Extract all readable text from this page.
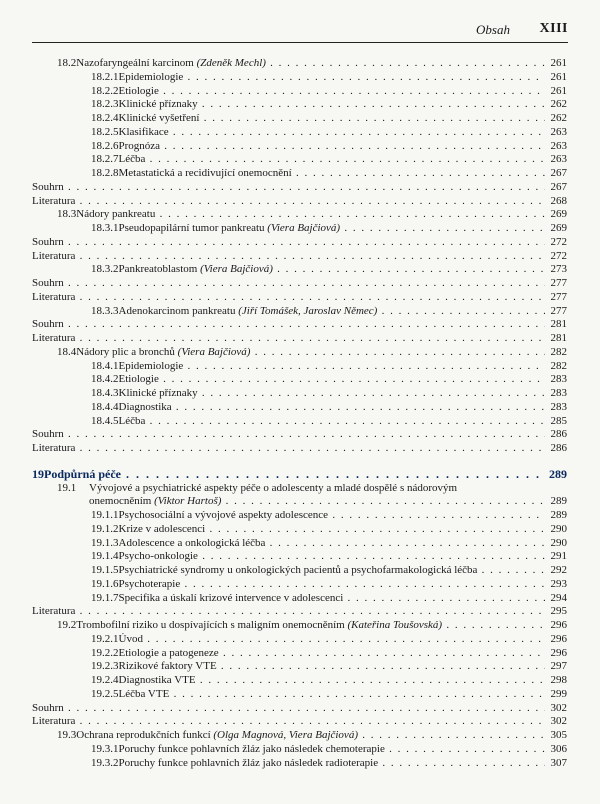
Obsah XIII
18.2 Nazofaryngeální karcinom (Zdeněk Mechl) . . .	261
18.2.1 Epidemiologie . . .	261
18.2.2 Etiologie . . .	261
18.2.3 Klinické příznaky . . .	262
18.2.4 Klinické vyšetření . . .	262
18.2.5 Klasifikace . . .	263
18.2.6 Prognóza . . .	263
18.2.7 Léčba . . .	263
18.2.8 Metastatická a recidivující onemocnění . . .	267
Souhrn . . .	267
Literatura . . .	268
18.3 Nádory pankreatu . . .	269
18.3.1 Pseudopapilární tumor pankreatu (Viera Bajčiová) . . .	269
Souhrn . . .	272
Literatura . . .	272
18.3.2 Pankreatoblastom (Viera Bajčiová) . . .	273
Souhrn . . .	277
Literatura . . .	277
18.3.3 Adenokarcinom pankreatu (Jiří Tomášek, Jaroslav Němec) . . .	277
Souhrn . . .	281
Literatura . . .	281
18.4 Nádory plic a bronchů (Viera Bajčiová) . . .	282
18.4.1 Epidemiologie . . .	282
18.4.2 Etiologie . . .	283
18.4.3 Klinické příznaky . . .	283
18.4.4 Diagnostika . . .	283
18.4.5 Léčba . . .	285
Souhrn . . .	286
Literatura . . .	286
19 Podpůrná péče . . .	289
19.1	Vývojové a psychiatrické aspekty péče o adolescenty a mladé dospělé s nádorovým
onemocněním (Viktor Hartoš) . . .	289
19.1.1 Psychosociální a vývojové aspekty adolescence . . .	289
19.1.2 Krize v adolescenci . . .	290
19.1.3 Adolescence a onkologická léčba . . .	290
19.1.4 Psycho-onkologie . . .	291
19.1.5 Psychiatrické syndromy u onkologických pacientů a psychofarmakologická léčba . . .	292
19.1.6 Psychoterapie . . .	293
19.1.7 Specifika a úskalí krizové intervence v adolescenci . . .	294
Literatura . . .	295
19.2 Trombofilní riziko u dospívajících s maligním onemocněním (Kateřina Toušovská) . . .	296
19.2.1 Úvod . . .	296
19.2.2 Etiologie a patogeneze . . .	296
19.2.3 Rizikové faktory VTE . . .	297
19.2.4 Diagnostika VTE . . .	298
19.2.5 Léčba VTE . . .	299
Souhrn . . .	302
Literatura . . .	302
19.3 Ochrana reprodukčních funkcí (Olga Magnová, Viera Bajčiová) . . .	305
19.3.1 Poruchy funkce pohlavních žláz jako následek chemoterapie . . .	306
19.3.2 Poruchy funkce pohlavních žláz jako následek radioterapie . . .	307
